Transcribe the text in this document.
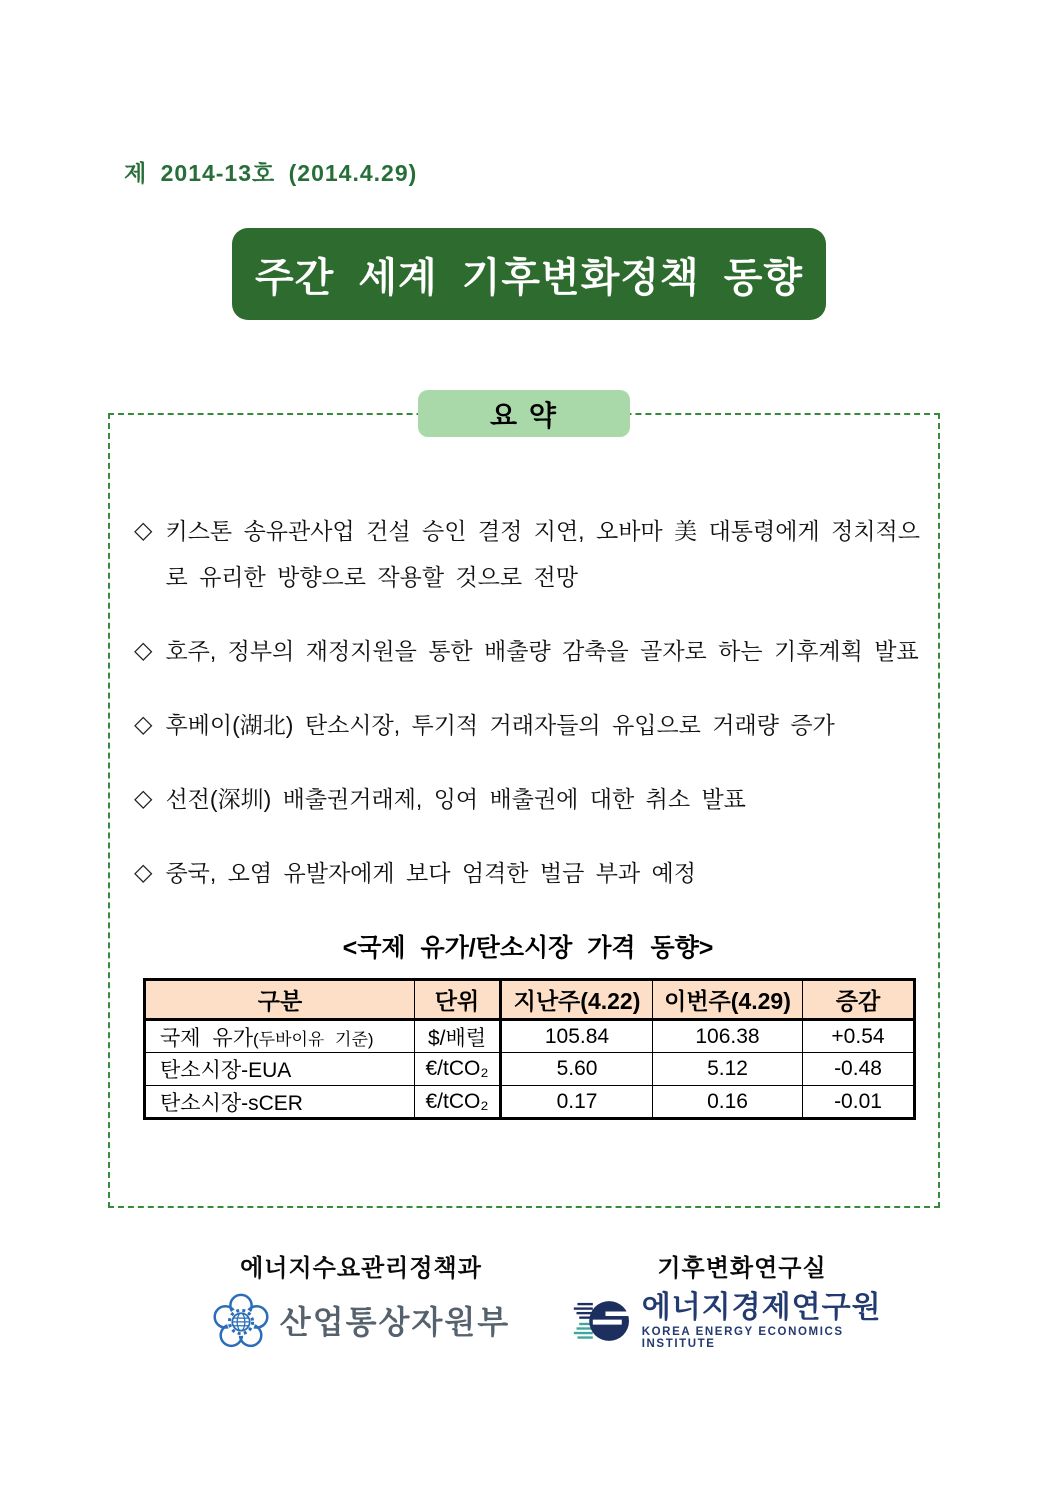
제 2014-13호 (2014.4.29)
주간 세계 기후변화정책 동향
요 약
◇ 키스톤 송유관사업 건설 승인 결정 지연, 오바마 美 대통령에게 정치적으로 유리한 방향으로 작용할 것으로 전망
◇ 호주, 정부의 재정지원을 통한 배출량 감축을 골자로 하는 기후계획 발표
◇ 후베이(湖北) 탄소시장, 투기적 거래자들의 유입으로 거래량 증가
◇ 선전(深圳) 배출권거래제, 잉여 배출권에 대한 취소 발표
◇ 중국, 오염 유발자에게 보다 엄격한 벌금 부과 예정
<국제 유가/탄소시장 가격 동향>
구분	단위	지난주(4.22)	이번주(4.29)	증감
국제 유가(두바이유 기준)	$/배럴	105.84	106.38	+0.54
탄소시장-EUA	€/tCO₂	5.60	5.12	-0.48
탄소시장-sCER	€/tCO₂	0.17	0.16	-0.01
에너지수요관리정책과
산업통상자원부
기후변화연구실
에너지경제연구원
KOREA ENERGY ECONOMICS INSTITUTE
